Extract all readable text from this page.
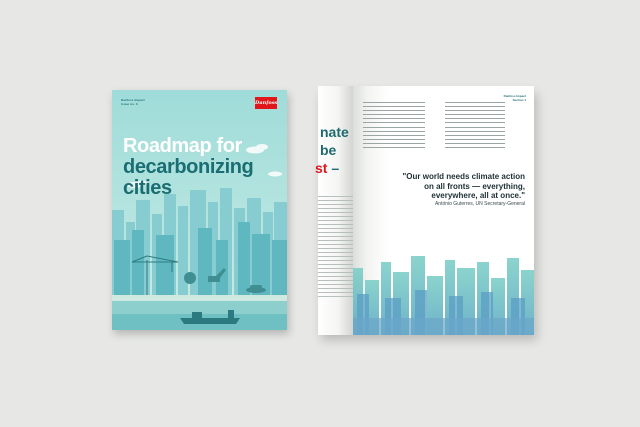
Danfoss Impact
Issue no. 3	Danfoss
Roadmap for
decarbonizing
cities
nate
be
st –
Danfoss Impact
Section 1
"Our world needs climate action on all fronts — everything, everywhere, all at once."
António Guterres, UN Secretary-General
